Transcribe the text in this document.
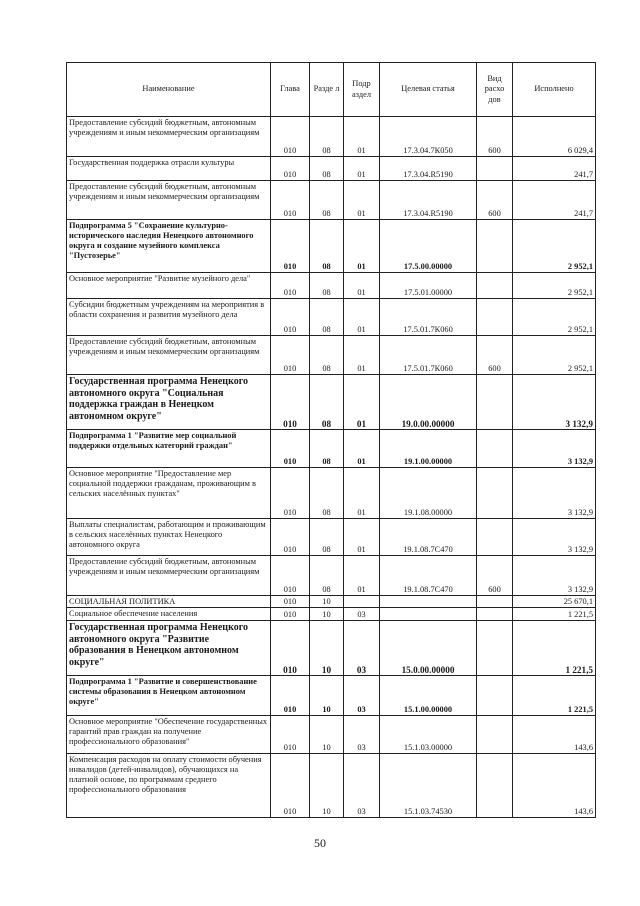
Наименование	Глава	Разде л	Подр аздел	Целевая статья	Вид расхо дов	Исполнено
Предоставление субсидий бюджетным, автономным учреждениям и иным некоммерческим организациям	010	08	01	17.3.04.7К050	600	6 029,4
Государственная поддержка отрасли культуры	010	08	01	17.3.04.R5190		241,7
Предоставление субсидий бюджетным, автономным учреждениям и иным некоммерческим организациям	010	08	01	17.3.04.R5190	600	241,7
Подпрограмма 5 "Сохранение культурно-исторического наследия Ненецкого автономного округа и создание музейного комплекса "Пустозерье"	010	08	01	17.5.00.00000		2 952,1
Основное мероприятие "Развитие музейного дела"	010	08	01	17.5.01.00000		2 952,1
Субсидии бюджетным учреждениям на мероприятия в области сохранения и развития музейного дела	010	08	01	17.5.01.7К060		2 952,1
Предоставление субсидий бюджетным, автономным учреждениям и иным некоммерческим организациям	010	08	01	17.5.01.7К060	600	2 952,1
Государственная программа Ненецкого автономного округа "Социальная поддержка граждан в Ненецком автономном округе"	010	08	01	19.0.00.00000		3 132,9
Подпрограмма 1 "Развитие мер социальной поддержки отдельных категорий граждан"	010	08	01	19.1.00.00000		3 132,9
Основное мероприятие "Предоставление мер социальной поддержки гражданам, проживающим в сельских населённых пунктах"	010	08	01	19.1.08.00000		3 132,9
Выплаты специалистам, работающим и проживающим в сельских населённых пунктах Ненецкого автономного округа	010	08	01	19.1.08.7С470		3 132,9
Предоставление субсидий бюджетным, автономным учреждениям и иным некоммерческим организациям	010	08	01	19.1.08.7С470	600	3 132,9
СОЦИАЛЬНАЯ ПОЛИТИКА	010	10				25 670,1
Социальное обеспечение населения	010	10	03			1 221,5
Государственная программа Ненецкого автономного округа "Развитие образования в Ненецком автономном округе"	010	10	03	15.0.00.00000		1 221,5
Подпрограмма 1 "Развитие и совершенствование системы образования в Ненецком автономном округе"	010	10	03	15.1.00.00000		1 221,5
Основное мероприятие "Обеспечение государственных гарантий прав граждан на получение профессионального образования"	010	10	03	15.1.03.00000		143,6
Компенсация расходов на оплату стоимости обучения инвалидов (детей-инвалидов), обучающихся на платной основе, по программам среднего профессионального образования	010	10	03	15.1.03.74530		143,6
50
